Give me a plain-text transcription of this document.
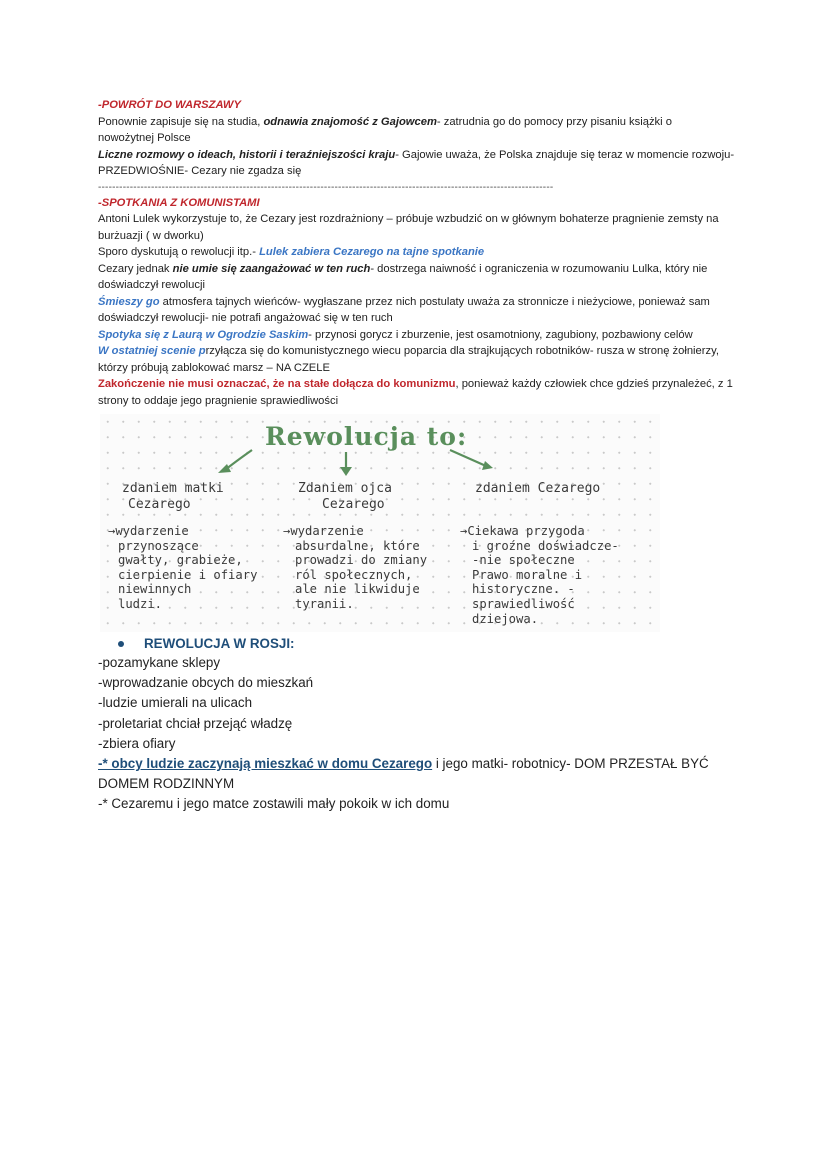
-POWRÓT DO WARSZAWY

Ponownie zapisuje się na studia, odnawia znajomość z Gajowcem- zatrudnia go do pomocy przy pisaniu książki o

nowożytnej Polsce

Liczne rozmowy o ideach, historii i teraźniejszości kraju- Gajowie uważa, że Polska znajduje się teraz w momencie rozwoju-

PRZEDWIOŚNIE- Cezary nie zgadza się

---------------------------------------------------------------------------------------------------------------------------------

-SPOTKANIA Z KOMUNISTAMI

Antoni Lulek wykorzystuje to, że Cezary jest rozdrażniony – próbuje wzbudzić on w głównym bohaterze pragnienie zemsty na

burżuazji ( w dworku)

Sporo dyskutują o rewolucji itp.- Lulek zabiera Cezarego na tajne spotkanie

Cezary jednak nie umie się zaangażować w ten ruch- dostrzega naiwność i ograniczenia w rozumowaniu Lulka, który nie

doświadczył rewolucji

Śmieszy go atmosfera tajnych wieńców- wygłaszane przez nich postulaty uważa za stronnicze i nieżyciowe, ponieważ sam

doświadczył rewolucji- nie potrafi angażować się w ten ruch

Spotyka się z Laurą w Ogrodzie Saskim- przynosi gorycz i zburzenie, jest osamotniony, zagubiony, pozbawiony celów

W ostatniej scenie przyłącza się do komunistycznego wiecu poparcia dla strajkujących robotników- rusza w stronę żołnierzy,

którzy próbują zablokować marsz – NA CZELE

Zakończenie nie musi oznaczać, że na stałe dołącza do komunizmu, ponieważ każdy człowiek chce gdzieś przynależeć, z 1

strony to oddaje jego pragnienie sprawiedliwości

Rewolucja to:
zdaniem matki
Cezarego
→wydarzenie
przynoszące
gwałty, grabieże,
cierpienie i ofiary
niewinnych
ludzi.
Zdaniem ojca
Cezarego
→wydarzenie
absurdalne, które
prowadzi do zmiany
ról społecznych,
ale nie likwiduje
tyranii.
zdaniem Cezarego
→Ciekawa przygoda
i groźne doświadcze-
-nie społeczne
Prawo moralne i
historyczne. -
sprawiedliwość
dziejowa.
REWOLUCJA W ROSJI:

-pozamykane sklepy

-wprowadzanie obcych do mieszkań

-ludzie umierali na ulicach

-proletariat chciał przejąć władzę

-zbiera ofiary

-* obcy ludzie zaczynają mieszkać w domu Cezarego i jego matki- robotnicy- DOM PRZESTAŁ BYĆ

DOMEM RODZINNYM

-* Cezaremu i jego matce zostawili mały pokoik w ich domu
